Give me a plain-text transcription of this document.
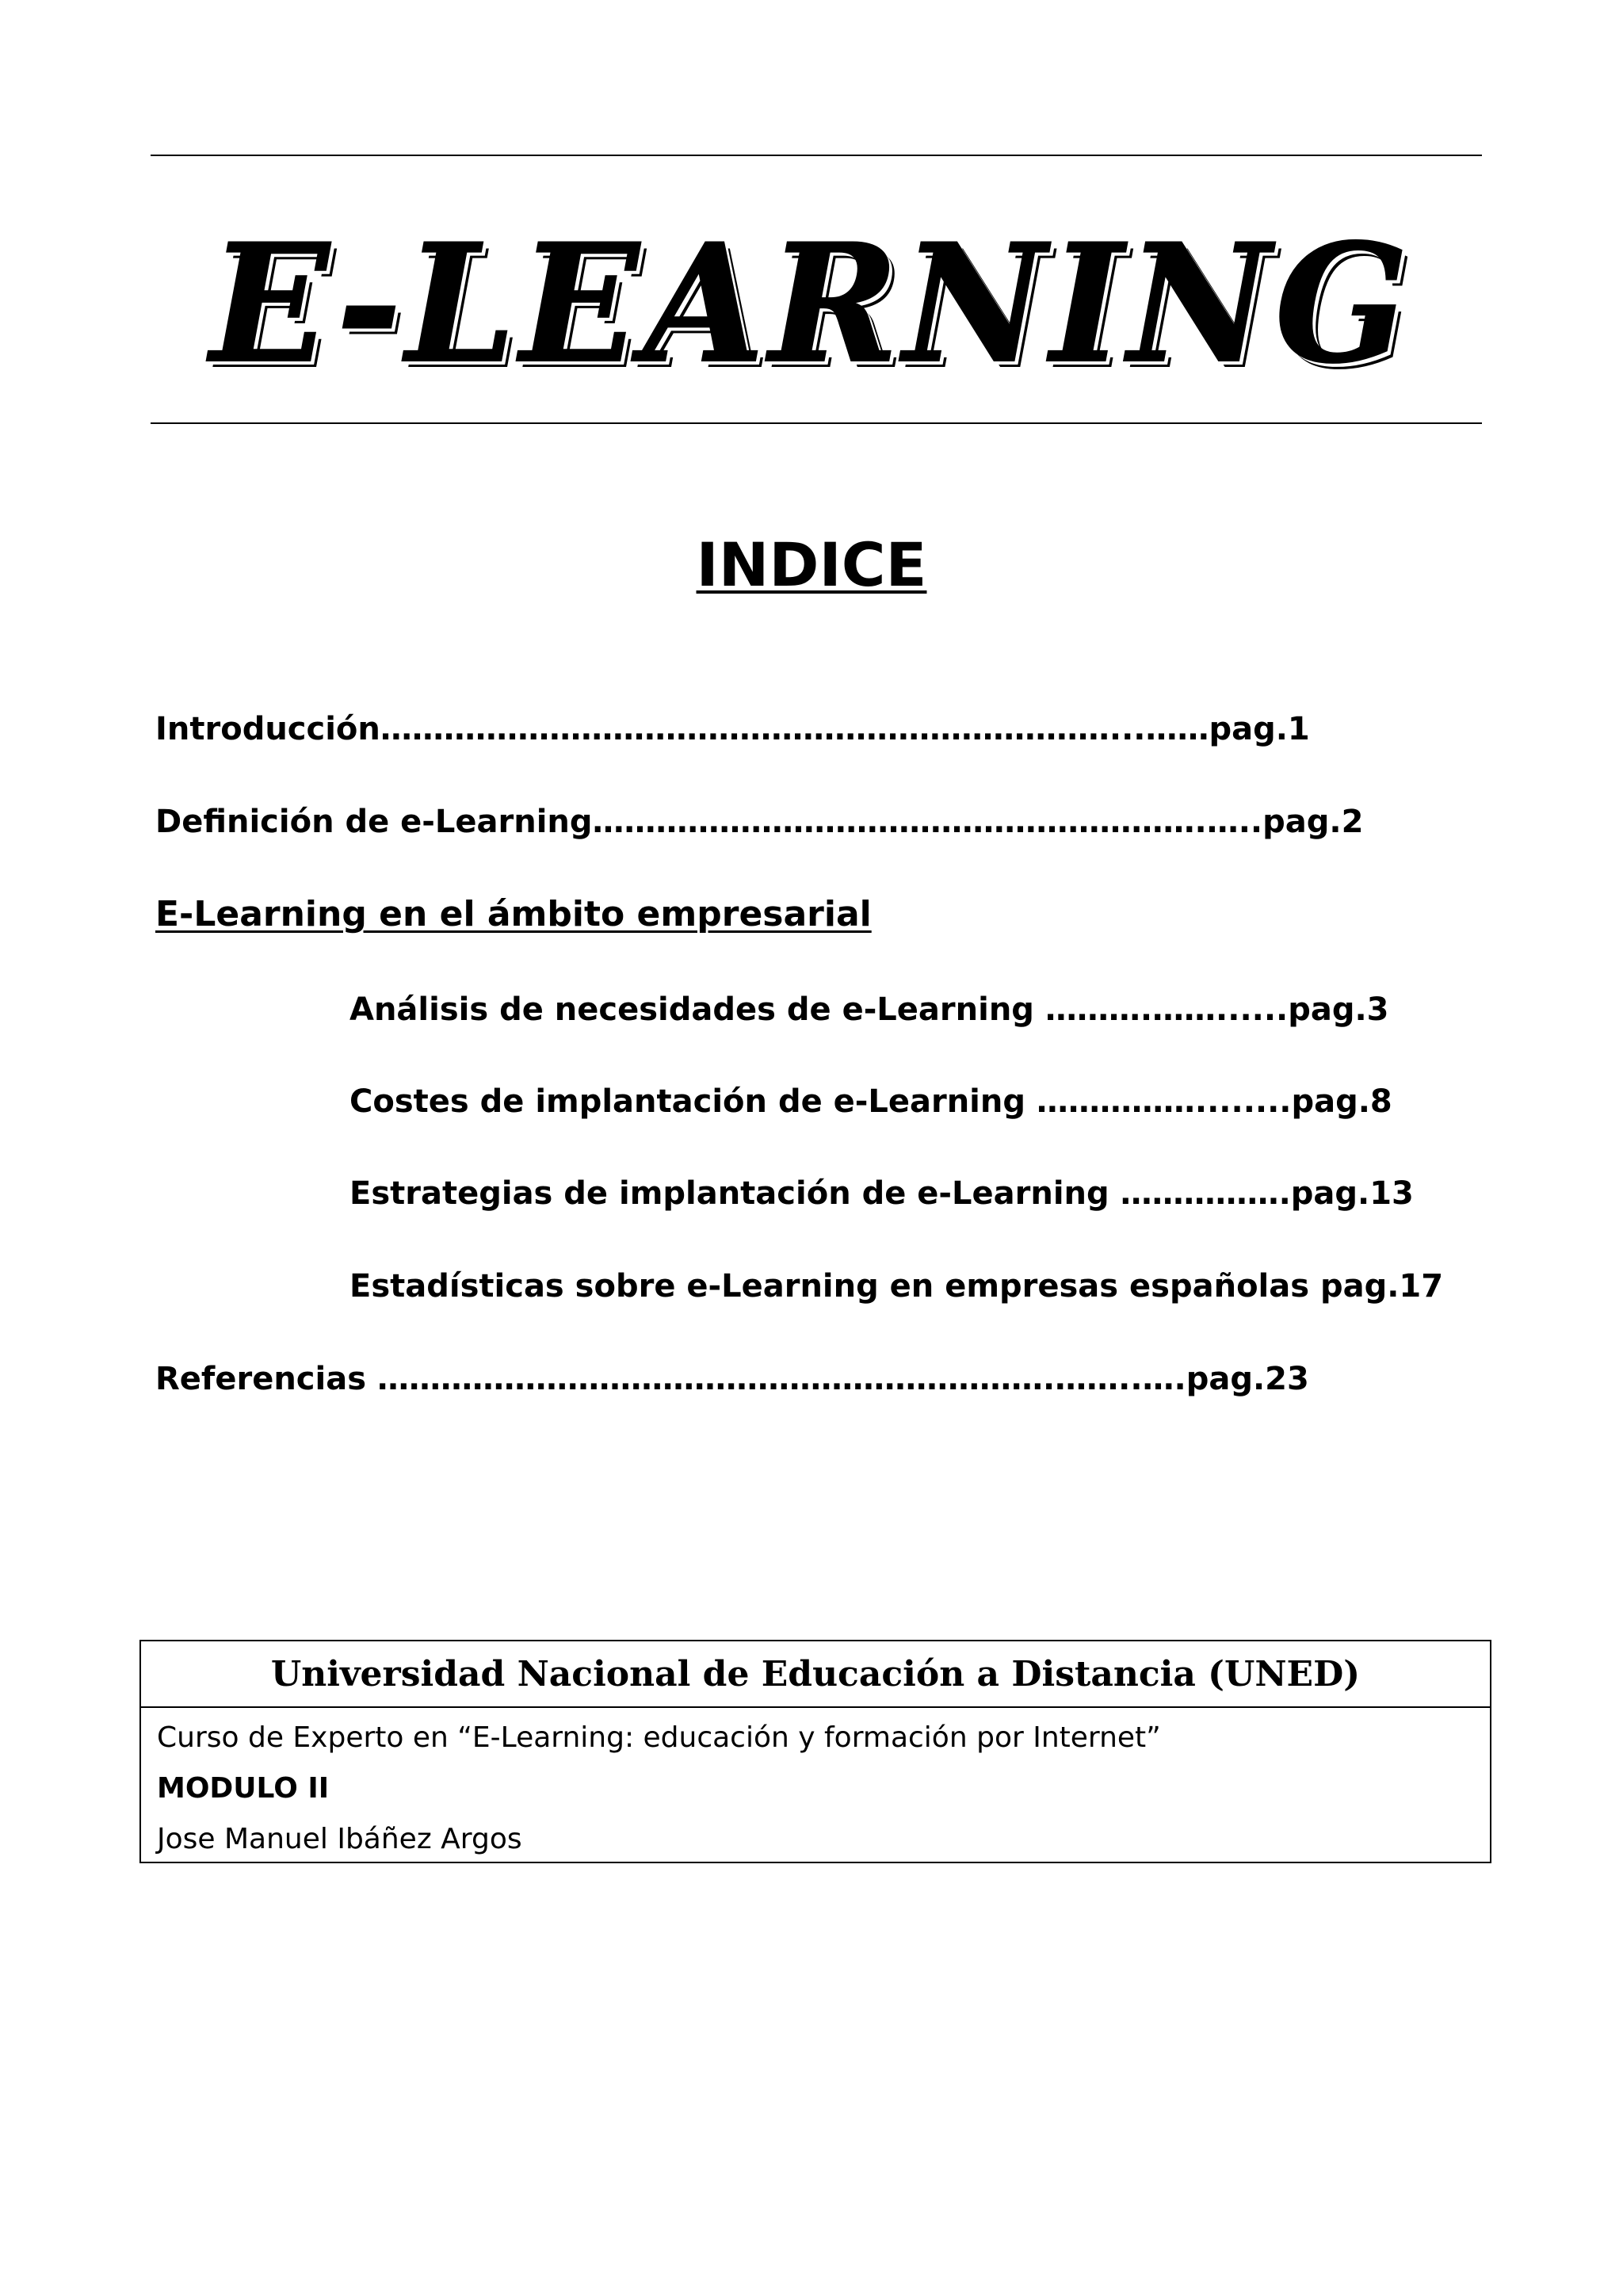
E-LEARNING
INDICE
Introducción……………………………………………………………...……pag.1
Definición de e-Learning………………………………………………….…..pag.2
E-Learning en el ámbito empresarial
Análisis de necesidades de e-Learning ……….……......pag.3
Costes de implantación de e-Learning ……………........pag.8
Estrategias de implantación de e-Learning …………….pag.13
Estadísticas sobre e-Learning en empresas españolas pag.17
Referencias ……………………………………………………….……..….pag.23
Universidad Nacional de Educación a Distancia (UNED)
Curso de Experto en “E-Learning: educación y formación por Internet”
MODULO II
Jose Manuel Ibáñez Argos
